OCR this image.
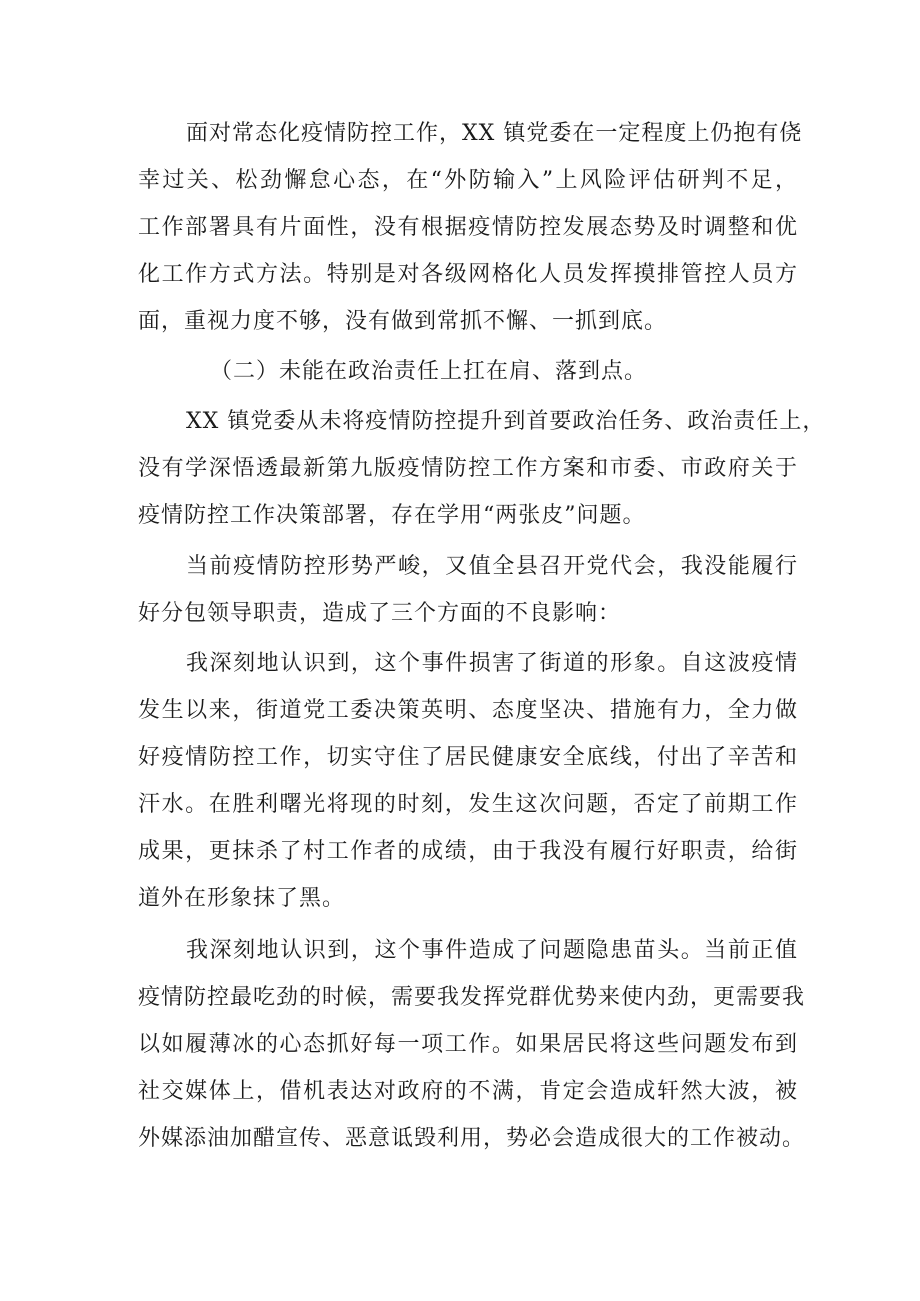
面对常态化疫情防控工作，XX 镇党委在一定程度上仍抱有侥
幸过关、松劲懈怠心态，在“外防输入”上风险评估研判不足，
工作部署具有片面性，没有根据疫情防控发展态势及时调整和优
化工作方式方法。特别是对各级网格化人员发挥摸排管控人员方
面，重视力度不够，没有做到常抓不懈、一抓到底。
（二）未能在政治责任上扛在肩、落到点。
XX 镇党委从未将疫情防控提升到首要政治任务、政治责任上，
没有学深悟透最新第九版疫情防控工作方案和市委、市政府关于
疫情防控工作决策部署，存在学用“两张皮”问题。
当前疫情防控形势严峻，又值全县召开党代会，我没能履行
好分包领导职责，造成了三个方面的不良影响：
我深刻地认识到，这个事件损害了街道的形象。自这波疫情
发生以来，街道党工委决策英明、态度坚决、措施有力，全力做
好疫情防控工作，切实守住了居民健康安全底线，付出了辛苦和
汗水。在胜利曙光将现的时刻，发生这次问题，否定了前期工作
成果，更抹杀了村工作者的成绩，由于我没有履行好职责，给街
道外在形象抹了黑。
我深刻地认识到，这个事件造成了问题隐患苗头。当前正值
疫情防控最吃劲的时候，需要我发挥党群优势来使内劲，更需要我
以如履薄冰的心态抓好每一项工作。如果居民将这些问题发布到
社交媒体上，借机表达对政府的不满，肯定会造成轩然大波，被
外媒添油加醋宣传、恶意诋毁利用，势必会造成很大的工作被动。
